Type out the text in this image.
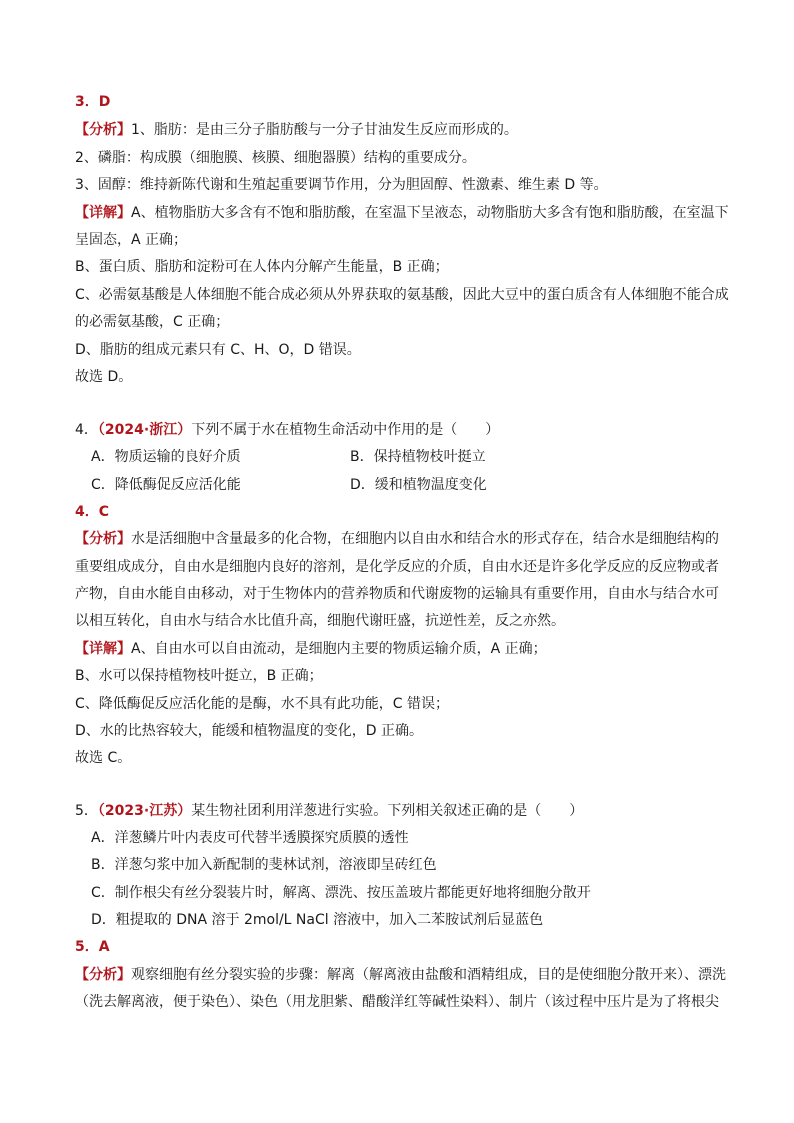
3．D
【分析】1、脂肪：是由三分子脂肪酸与一分子甘油发生反应而形成的。
2、磷脂：构成膜（细胞膜、核膜、细胞器膜）结构的重要成分。
3、固醇：维持新陈代谢和生殖起重要调节作用，分为胆固醇、性激素、维生素 D 等。
【详解】A、植物脂肪大多含有不饱和脂肪酸，在室温下呈液态，动物脂肪大多含有饱和脂肪酸，在室温下
呈固态，A 正确；
B、蛋白质、脂肪和淀粉可在人体内分解产生能量，B 正确；
C、必需氨基酸是人体细胞不能合成必须从外界获取的氨基酸，因此大豆中的蛋白质含有人体细胞不能合成
的必需氨基酸，C 正确；
D、脂肪的组成元素只有 C、H、O，D 错误。
故选 D。
4．（2024·浙江）下列不属于水在植物生命活动中作用的是（　　）
A．物质运输的良好介质	B．保持植物枝叶挺立
C．降低酶促反应活化能	D．缓和植物温度变化
4．C
【分析】水是活细胞中含量最多的化合物，在细胞内以自由水和结合水的形式存在，结合水是细胞结构的
重要组成成分，自由水是细胞内良好的溶剂，是化学反应的介质，自由水还是许多化学反应的反应物或者
产物，自由水能自由移动，对于生物体内的营养物质和代谢废物的运输具有重要作用，自由水与结合水可
以相互转化，自由水与结合水比值升高，细胞代谢旺盛，抗逆性差，反之亦然。
【详解】A、自由水可以自由流动，是细胞内主要的物质运输介质，A 正确；
B、水可以保持植物枝叶挺立，B 正确；
C、降低酶促反应活化能的是酶，水不具有此功能，C 错误；
D、水的比热容较大，能缓和植物温度的变化，D 正确。
故选 C。
5．（2023·江苏）某生物社团利用洋葱进行实验。下列相关叙述正确的是（　　）
A．洋葱鳞片叶内表皮可代替半透膜探究质膜的透性
B．洋葱匀浆中加入新配制的斐林试剂，溶液即呈砖红色
C．制作根尖有丝分裂装片时，解离、漂洗、按压盖玻片都能更好地将细胞分散开
D．粗提取的 DNA 溶于 2mol/L NaCl 溶液中，加入二苯胺试剂后显蓝色
5．A
【分析】观察细胞有丝分裂实验的步骤：解离（解离液由盐酸和酒精组成，目的是使细胞分散开来）、漂洗
（洗去解离液，便于染色）、染色（用龙胆紫、醋酸洋红等碱性染料）、制片（该过程中压片是为了将根尖
